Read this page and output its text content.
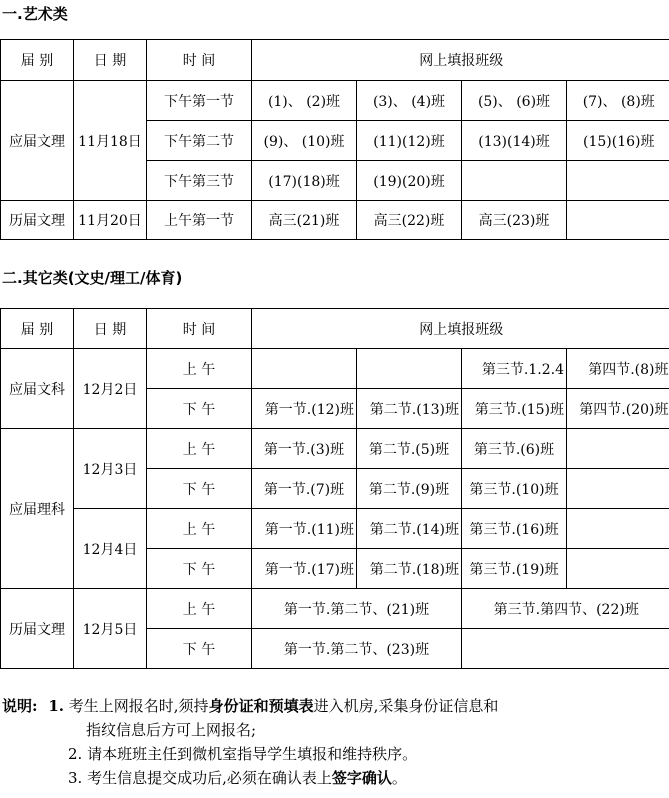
一.艺术类
届 别	日 期	时 间	网上填报班级			
应届文理	11月18日	下午第一节	(1)、 (2)班	(3)、 (4)班	(5)、 (6)班	(7)、 (8)班
		下午第二节	(9)、 (10)班	(11)(12)班	(13)(14)班	(15)(16)班
		下午第三节	(17)(18)班	(19)(20)班		
历届文理	11月20日	上午第一节	高三(21)班	高三(22)班	高三(23)班	
二.其它类(文史/理工/体育)
届 别	日 期	时 间	网上填报班级			
应届文科	12月2日	上 午			第三节.1.2.4	第四节.(8)班
		下 午	第一节.(12)班	第二节.(13)班	第三节.(15)班	第四节.(20)班
应届理科	12月3日	上 午	第一节.(3)班	第二节.(5)班	第三节.(6)班	
		下 午	第一节.(7)班	第二节.(9)班	第三节.(10)班	
	12月4日	上 午	第一节.(11)班	第二节.(14)班	第三节.(16)班	
		下 午	第一节.(17)班	第二节.(18)班	第三节.(19)班	
历届文理	12月5日	上 午	第一节.第二节、(21)班		第三节.第四节、(22)班	
		下 午	第一节.第二节、(23)班			
说明: 1. 考生上网报名时,须持身份证和预填表进入机房,采集身份证信息和
指纹信息后方可上网报名;
2. 请本班班主任到微机室指导学生填报和维持秩序。
3. 考生信息提交成功后,必须在确认表上签字确认。
